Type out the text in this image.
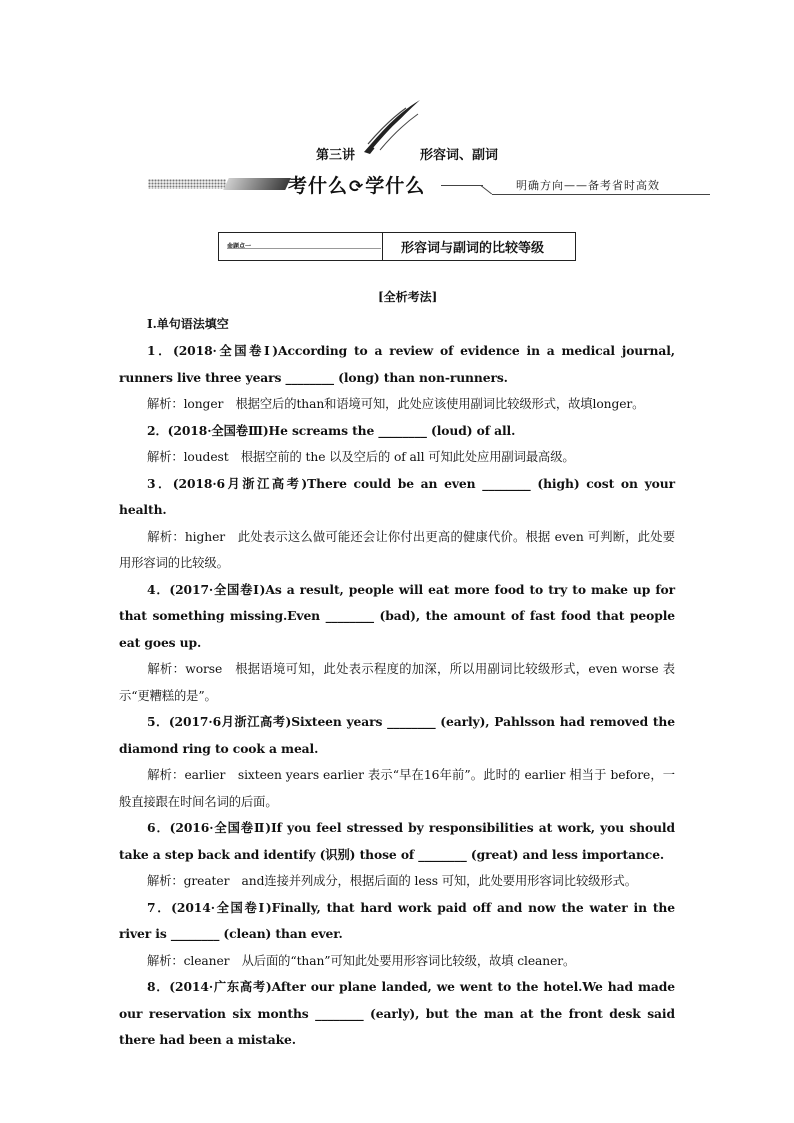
第三讲	形容词、副词
考什么⟳学什么	明确方向——备考省时高效
命题点一	形容词与副词的比较等级
[全析考法]
Ⅰ.单句语法填空
1．(2018·全国卷Ⅰ)According to a review of evidence in a medical journal, runners live three years ________ (long) than non-runners.
解析：longer　根据空后的than和语境可知，此处应该使用副词比较级形式，故填longer。
2．(2018·全国卷Ⅲ)He screams the ________ (loud) of all.
解析：loudest　根据空前的 the 以及空后的 of all 可知此处应用副词最高级。
3．(2018·6月浙江高考)There could be an even ________ (high) cost on your health.
解析：higher　此处表示这么做可能还会让你付出更高的健康代价。根据 even 可判断，此处要用形容词的比较级。
4．(2017·全国卷Ⅰ)As a result, people will eat more food to try to make up for that something missing.Even ________ (bad), the amount of fast food that people eat goes up.
解析：worse　根据语境可知，此处表示程度的加深，所以用副词比较级形式，even worse 表示“更糟糕的是”。
5．(2017·6月浙江高考)Sixteen years ________ (early), Pahlsson had removed the diamond ring to cook a meal.
解析：earlier　sixteen years earlier 表示“早在16年前”。此时的 earlier 相当于 before，一般直接跟在时间名词的后面。
6．(2016·全国卷Ⅱ)If you feel stressed by responsibilities at work, you should take a step back and identify (识别) those of ________ (great) and less importance.
解析：greater　and连接并列成分，根据后面的 less 可知，此处要用形容词比较级形式。
7．(2014·全国卷Ⅰ)Finally, that hard work paid off and now the water in the river is ________ (clean) than ever.
解析：cleaner　从后面的“than”可知此处要用形容词比较级，故填 cleaner。
8．(2014·广东高考)After our plane landed, we went to the hotel.We had made our reservation six months ________ (early), but the man at the front desk said there had been a mistake.
